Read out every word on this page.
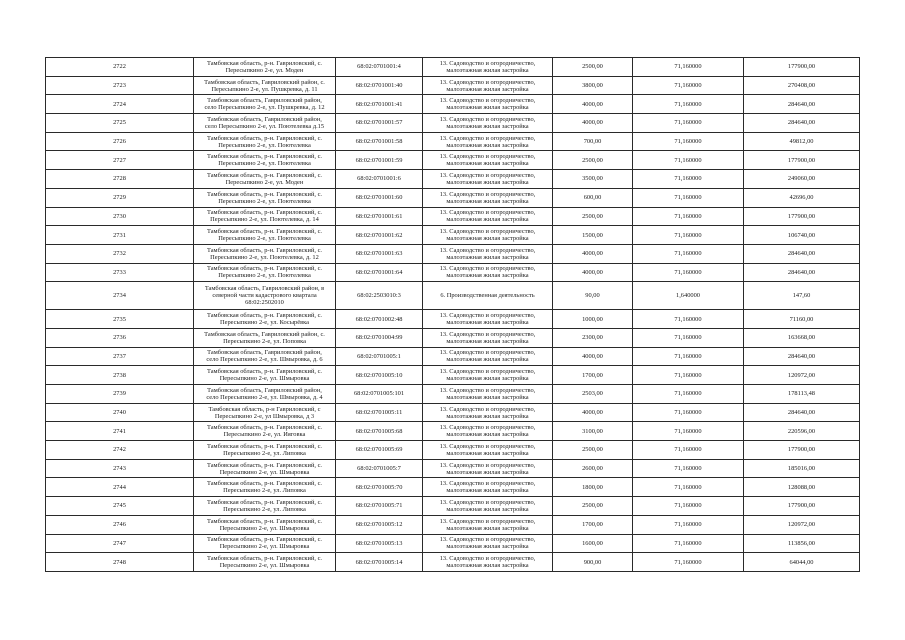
2722	Тамбовская область, р-н. Гавриловский, с.
Пересыпкино 2-е, ул. Моден	68:02:0701001:4	13. Садоводство и огородничество,
малоэтажная жилая застройка	2500,00	71,160000	177900,00
2723	Тамбовская область, Гавриловский район, с.
Пересыпкино 2-е, ул. Пушкревка, д. 11	68:02:0701001:40	13. Садоводство и огородничество,
малоэтажная жилая застройка	3800,00	71,160000	270408,00
2724	Тамбовская область, Гавриловский район,
село Пересыпкино 2-е, ул. Пушкревка, д. 12	68:02:0701001:41	13. Садоводство и огородничество,
малоэтажная жилая застройка	4000,00	71,160000	284640,00
2725	Тамбовская область, Гавриловский район,
село Пересыпкино 2-е, ул. Поютелевка д.15	68:02:0701001:57	13. Садоводство и огородничество,
малоэтажная жилая застройка	4000,00	71,160000	284640,00
2726	Тамбовская область, р-н. Гавриловский, с.
Пересыпкино 2-е, ул. Поютелевка	68:02:0701001:58	13. Садоводство и огородничество,
малоэтажная жилая застройка	700,00	71,160000	49812,00
2727	Тамбовская область, р-н. Гавриловский, с.
Пересыпкино 2-е, ул. Поютелевка	68:02:0701001:59	13. Садоводство и огородничество,
малоэтажная жилая застройка	2500,00	71,160000	177900,00
2728	Тамбовская область, р-н. Гавриловский, с.
Пересыпкино 2-е, ул. Моден	68:02:0701001:6	13. Садоводство и огородничество,
малоэтажная жилая застройка	3500,00	71,160000	249060,00
2729	Тамбовская область, р-н. Гавриловский, с.
Пересыпкино 2-е, ул. Поютелевка	68:02:0701001:60	13. Садоводство и огородничество,
малоэтажная жилая застройка	600,00	71,160000	42696,00
2730	Тамбовская область, р-н. Гавриловский, с.
Пересыпкино 2-е, ул. Поютелевка, д. 14	68:02:0701001:61	13. Садоводство и огородничество,
малоэтажная жилая застройка	2500,00	71,160000	177900,00
2731	Тамбовская область, р-н. Гавриловский, с.
Пересыпкино 2-е, ул. Поютелевка	68:02:0701001:62	13. Садоводство и огородничество,
малоэтажная жилая застройка	1500,00	71,160000	106740,00
2732	Тамбовская область, р-н. Гавриловский, с.
Пересыпкино 2-е, ул. Поютелевка, д. 12	68:02:0701001:63	13. Садоводство и огородничество,
малоэтажная жилая застройка	4000,00	71,160000	284640,00
2733	Тамбовская область, р-н. Гавриловский, с.
Пересыпкино 2-е, ул. Поютелевка	68:02:0701001:64	13. Садоводство и огородничество,
малоэтажная жилая застройка	4000,00	71,160000	284640,00
2734	Тамбовская область, Гавриловский район, в
северной части кадастрового квартала
68:02:2502010	68:02:2503010:3	6. Производственная деятельность	90,00	1,640000	147,60
2735	Тамбовская область, р-н. Гавриловский, с.
Пересыпкино 2-е, ул. Косырёвка	68:02:0701002:48	13. Садоводство и огородничество,
малоэтажная жилая застройка	1000,00	71,160000	71160,00
2736	Тамбовская область, Гавриловский район, с.
Пересыпкино 2-е, ул. Поповка	68:02:0701004:99	13. Садоводство и огородничество,
малоэтажная жилая застройка	2300,00	71,160000	163668,00
2737	Тамбовская область, Гавриловский район,
село Пересыпкино 2-е, ул. Шмыровка, д. 6	68:02:0701005:1	13. Садоводство и огородничество,
малоэтажная жилая застройка	4000,00	71,160000	284640,00
2738	Тамбовская область, р-н. Гавриловский, с.
Пересыпкино 2-е, ул. Шмыровка	68:02:0701005:10	13. Садоводство и огородничество,
малоэтажная жилая застройка	1700,00	71,160000	120972,00
2739	Тамбовская область, Гавриловский район,
село Пересыпкино 2-е, ул. Шмыровка, д. 4	68:02:0701005:101	13. Садоводство и огородничество,
малоэтажная жилая застройка	2503,00	71,160000	178113,48
2740	Тамбовская область, р-н Гавриловский, с
Пересыпкино 2-е, ул Шмыровка, д 3	68:02:0701005:11	13. Садоводство и огородничество,
малоэтажная жилая застройка	4000,00	71,160000	284640,00
2741	Тамбовская область, р-н. Гавриловский, с.
Пересыпкино 2-е, ул. Ияговка	68:02:0701005:68	13. Садоводство и огородничество,
малоэтажная жилая застройка	3100,00	71,160000	220596,00
2742	Тамбовская область, р-н. Гавриловский, с.
Пересыпкино 2-е, ул. Липовка	68:02:0701005:69	13. Садоводство и огородничество,
малоэтажная жилая застройка	2500,00	71,160000	177900,00
2743	Тамбовская область, р-н. Гавриловский, с.
Пересыпкино 2-е, ул. Шмыровка	68:02:0701005:7	13. Садоводство и огородничество,
малоэтажная жилая застройка	2600,00	71,160000	185016,00
2744	Тамбовская область, р-н. Гавриловский, с.
Пересыпкино 2-е, ул. Липовка	68:02:0701005:70	13. Садоводство и огородничество,
малоэтажная жилая застройка	1800,00	71,160000	128088,00
2745	Тамбовская область, р-н. Гавриловский, с.
Пересыпкино 2-е, ул. Липовка	68:02:0701005:71	13. Садоводство и огородничество,
малоэтажная жилая застройка	2500,00	71,160000	177900,00
2746	Тамбовская область, р-н. Гавриловский, с.
Пересыпкино 2-е, ул. Шмыровка	68:02:0701005:12	13. Садоводство и огородничество,
малоэтажная жилая застройка	1700,00	71,160000	120972,00
2747	Тамбовская область, р-н. Гавриловский, с.
Пересыпкино 2-е, ул. Шмыровка	68:02:0701005:13	13. Садоводство и огородничество,
малоэтажная жилая застройка	1600,00	71,160000	113856,00
2748	Тамбовская область, р-н. Гавриловский, с.
Пересыпкино 2-е, ул. Шмыровка	68:02:0701005:14	13. Садоводство и огородничество,
малоэтажная жилая застройка	900,00	71,160000	64044,00
